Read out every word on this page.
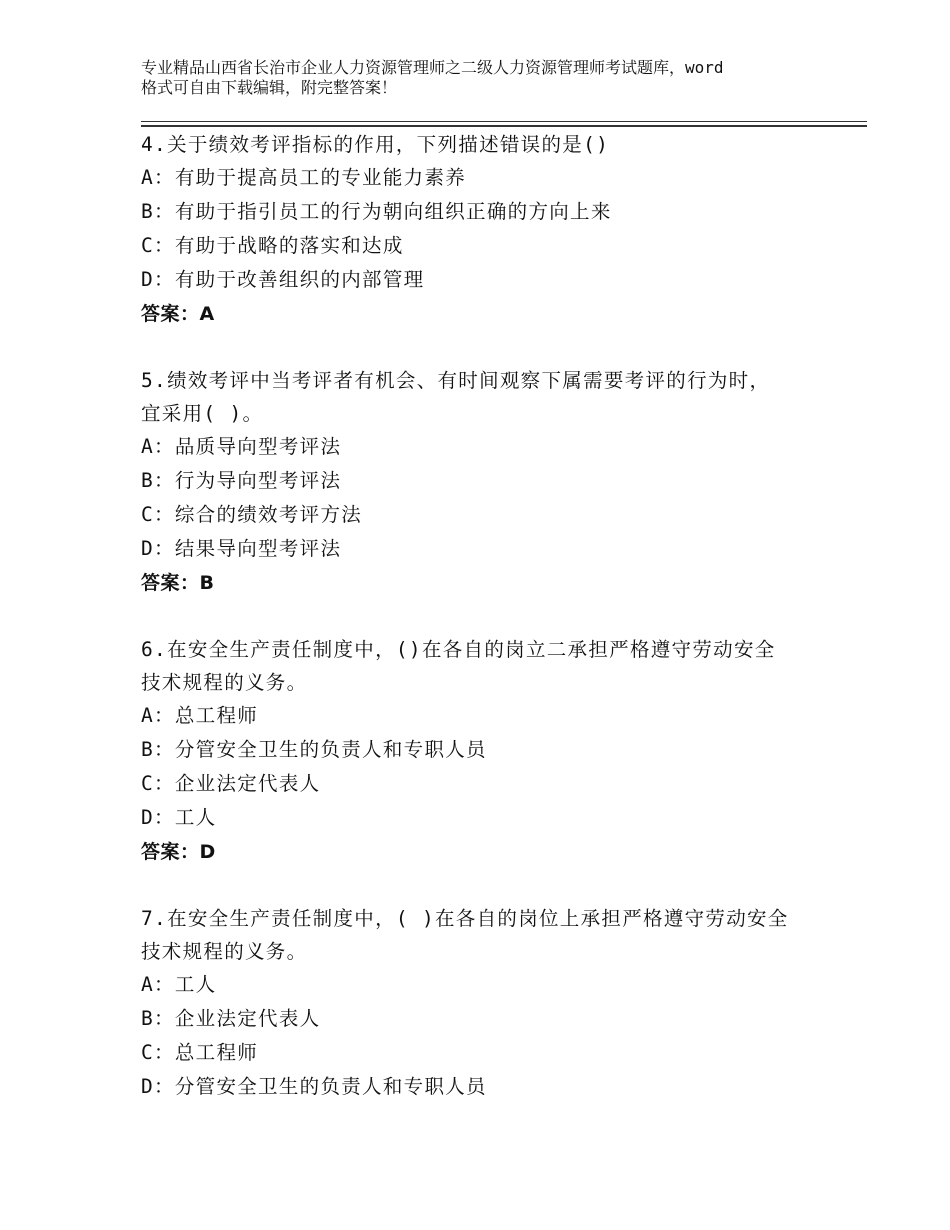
专业精品山西省长治市企业人力资源管理师之二级人力资源管理师考试题库，word
格式可自由下载编辑，附完整答案！
4.关于绩效考评指标的作用，下列描述错误的是()
A：有助于提高员工的专业能力素养
B：有助于指引员工的行为朝向组织正确的方向上来
C：有助于战略的落实和达成
D：有助于改善组织的内部管理
答案：A
5.绩效考评中当考评者有机会、有时间观察下属需要考评的行为时，
宜采用( )。
A：品质导向型考评法
B：行为导向型考评法
C：综合的绩效考评方法
D：结果导向型考评法
答案：B
6.在安全生产责任制度中，()在各自的岗立二承担严格遵守劳动安全
技术规程的义务。
A：总工程师
B：分管安全卫生的负责人和专职人员
C：企业法定代表人
D：工人
答案：D
7.在安全生产责任制度中，( )在各自的岗位上承担严格遵守劳动安全
技术规程的义务。
A：工人
B：企业法定代表人
C：总工程师
D：分管安全卫生的负责人和专职人员
